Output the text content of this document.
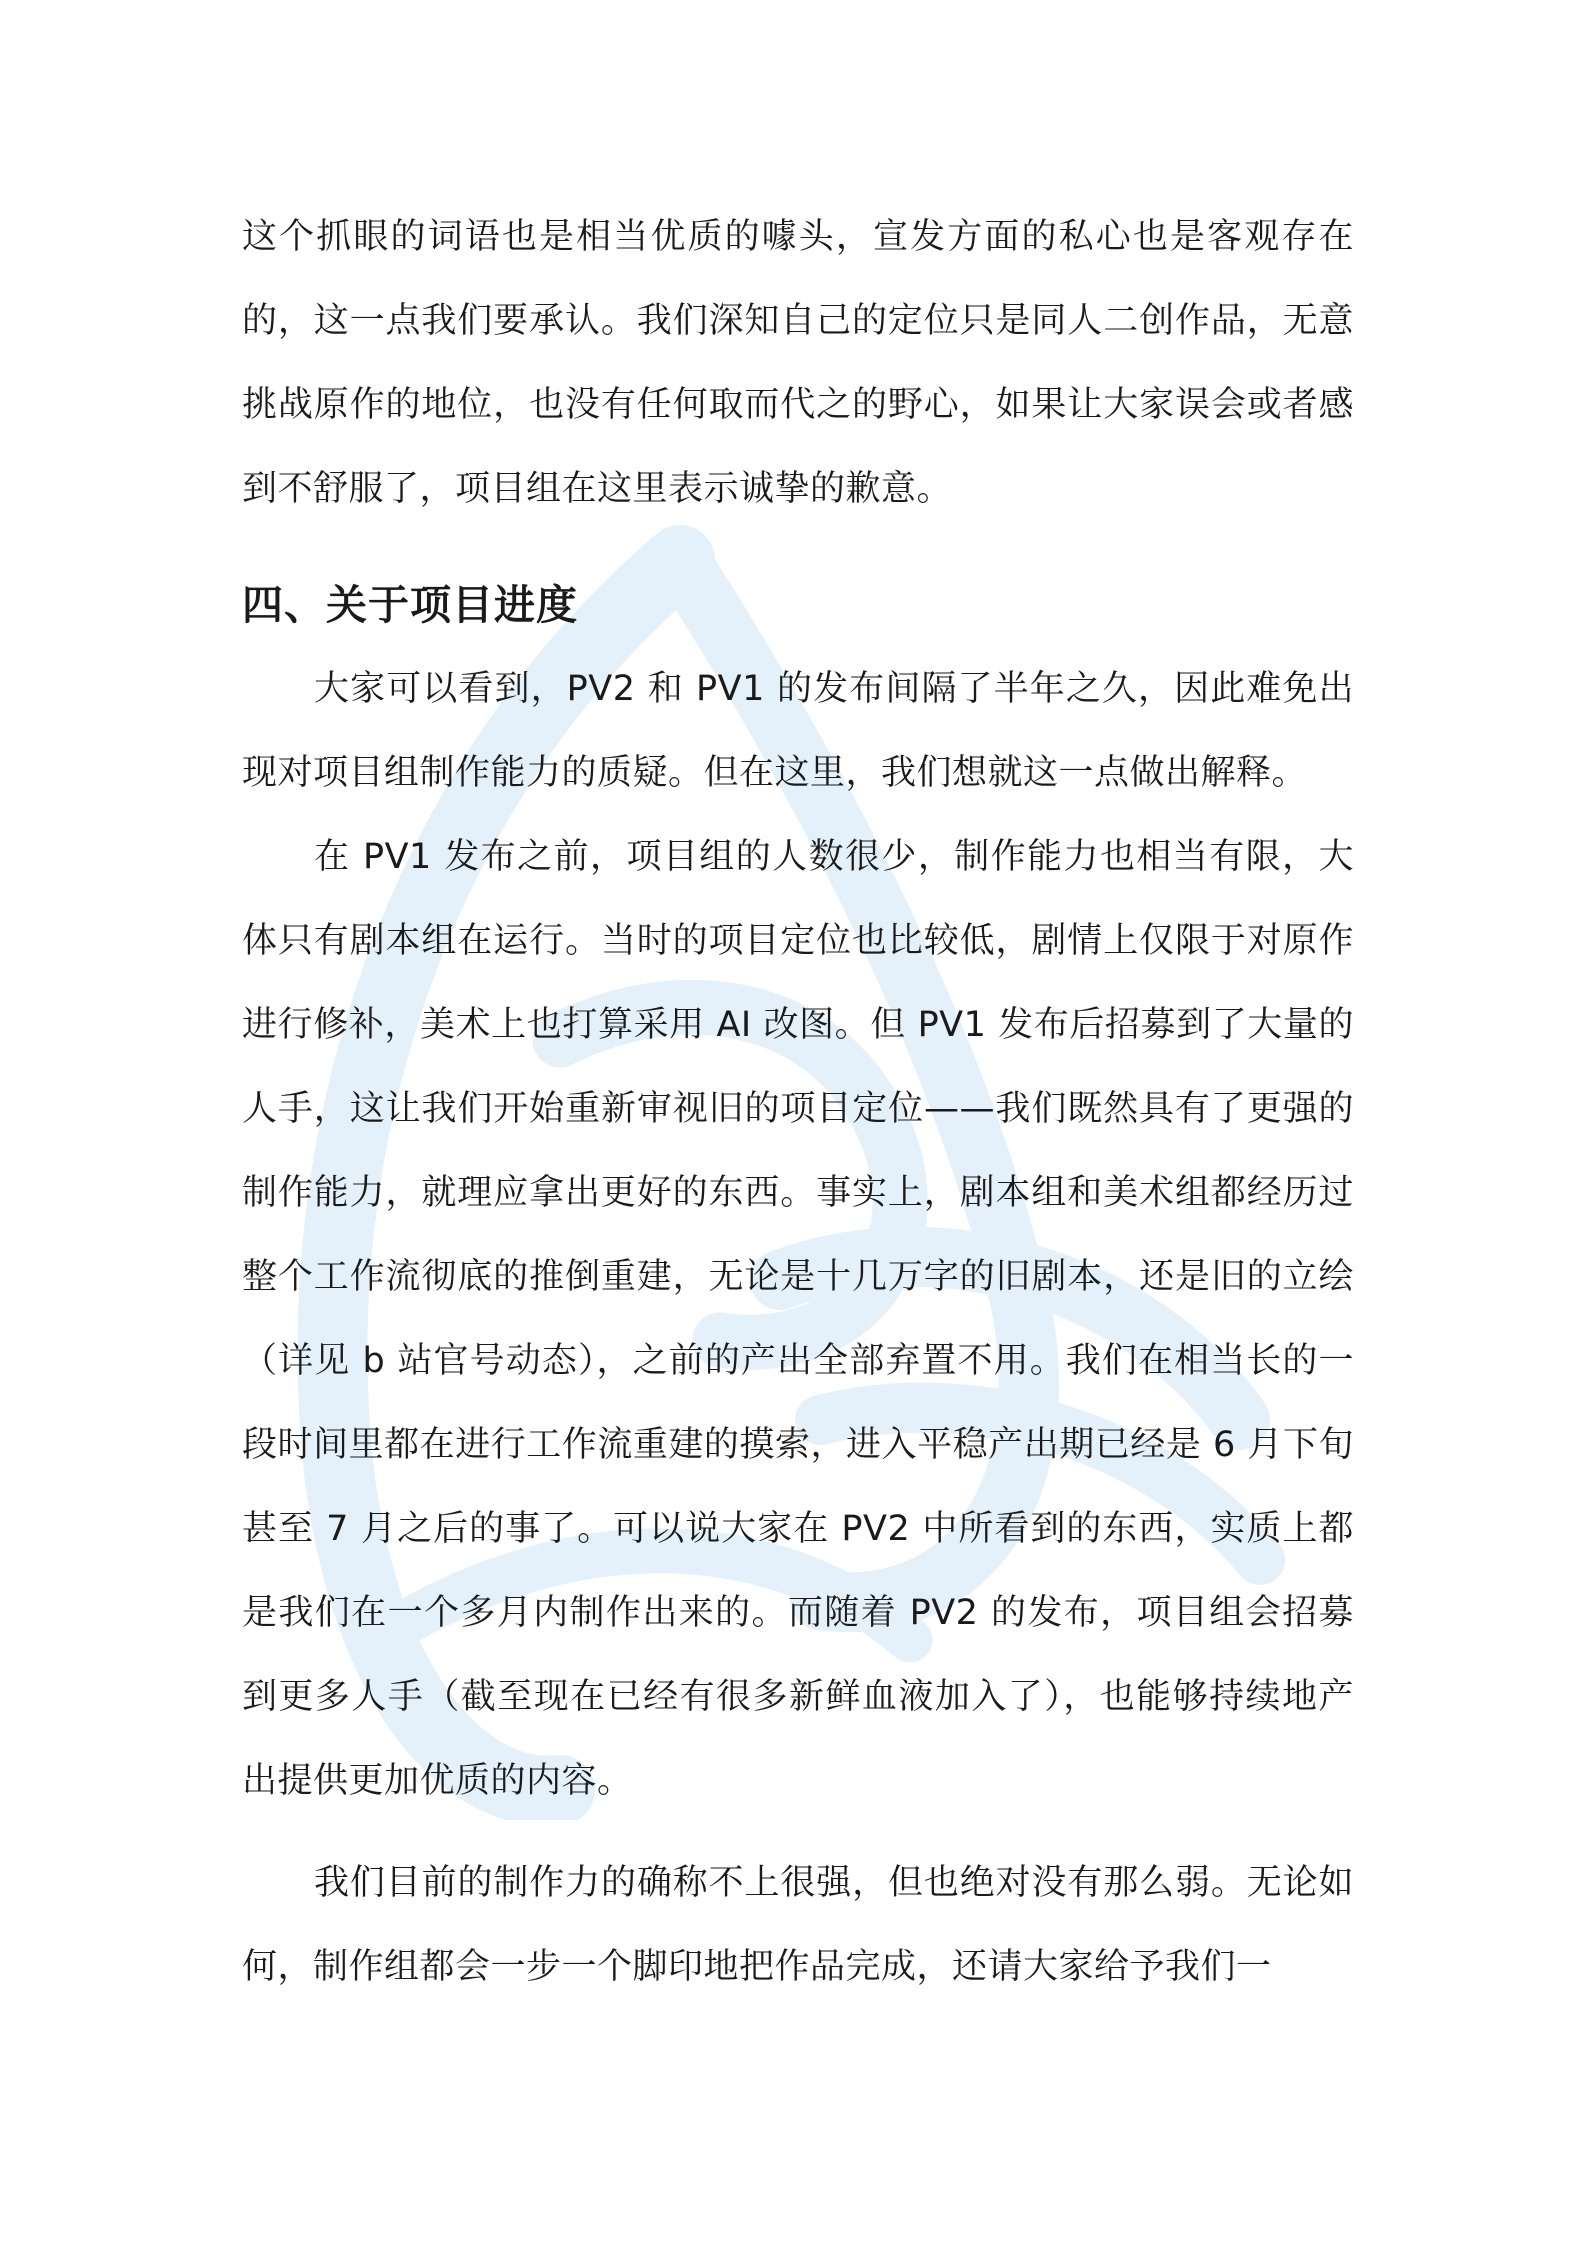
这个抓眼的词语也是相当优质的噱头，宣发方面的私心也是客观存在的，这一点我们要承认。我们深知自己的定位只是同人二创作品，无意挑战原作的地位，也没有任何取而代之的野心，如果让大家误会或者感到不舒服了，项目组在这里表示诚挚的歉意。

四、关于项目进度

大家可以看到，PV2 和 PV1 的发布间隔了半年之久，因此难免出现对项目组制作能力的质疑。但在这里，我们想就这一点做出解释。

在 PV1 发布之前，项目组的人数很少，制作能力也相当有限，大体只有剧本组在运行。当时的项目定位也比较低，剧情上仅限于对原作进行修补，美术上也打算采用 AI 改图。但 PV1 发布后招募到了大量的人手，这让我们开始重新审视旧的项目定位——我们既然具有了更强的制作能力，就理应拿出更好的东西。事实上，剧本组和美术组都经历过整个工作流彻底的推倒重建，无论是十几万字的旧剧本，还是旧的立绘（详见 b 站官号动态），之前的产出全部弃置不用。我们在相当长的一段时间里都在进行工作流重建的摸索，进入平稳产出期已经是 6 月下旬甚至 7 月之后的事了。可以说大家在 PV2 中所看到的东西，实质上都是我们在一个多月内制作出来的。而随着 PV2 的发布，项目组会招募到更多人手（截至现在已经有很多新鲜血液加入了），也能够持续地产出提供更加优质的内容。

我们目前的制作力的确称不上很强，但也绝对没有那么弱。无论如何，制作组都会一步一个脚印地把作品完成，还请大家给予我们一
